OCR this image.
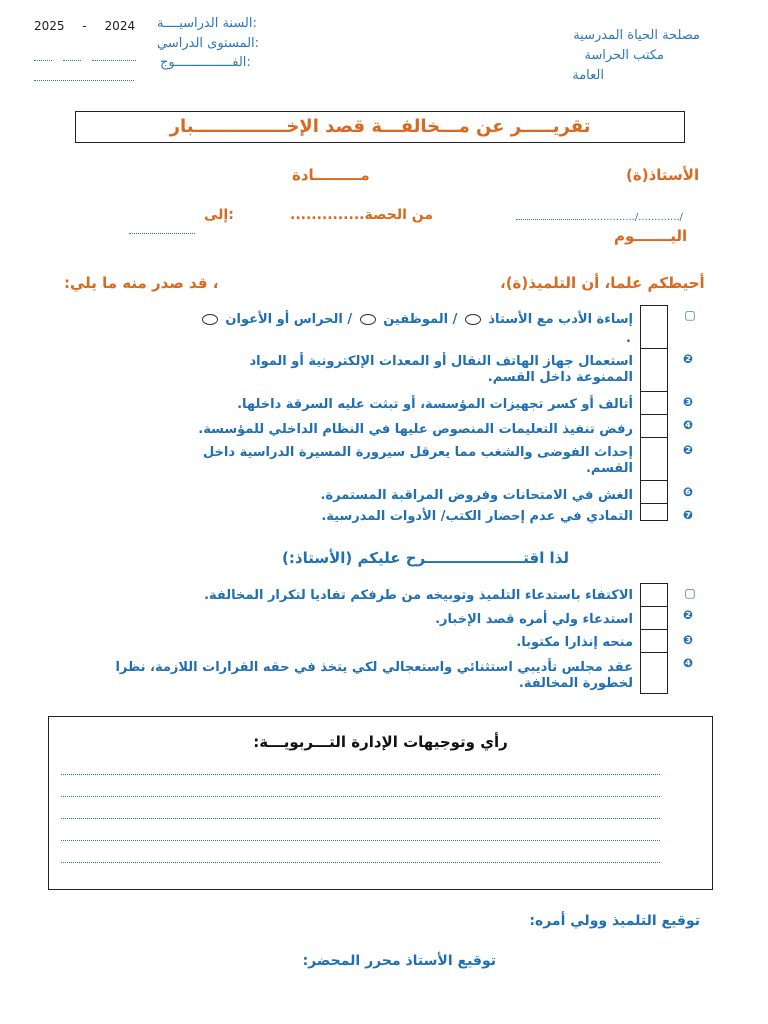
السنة الدراسيــــة:
2025 - 2024
المستوى الدراسي:

الفـــــــــــــــوج:
مصلحة الحياة المدرسية
مكتب الحراسة
العامة
تقريـــــر عن مـــخالفـــة قصد الإخـــــــــــــــبار
الأستاذ(ة)
مـــــــــادة
................/............./
اليـــــــوم
من الحصة..............
إلى:
أحيطكم علما، أن التلميذ(ة)،
، قد صدر منه ما يلي:
▢
إساءة الأدب مع الأستاذ  / الموظفين  / الحراس أو الأعوان
.
❷
استعمال جهاز الهاتف النقال أو المعدات الإلكترونية أو المواد الممنوعة داخل القسم.
❸
أتالف أو كسر تجهيزات المؤسسة، أو تبثت عليه السرقة داخلها.
❹
رفض تنفيذ التعليمات المنصوص عليها في النظام الداخلي للمؤسسة.
❷
إحداث الفوضى والشغب مما يعرقل سيرورة المسيرة الدراسية داخل القسم.
❻
الغش في الامتحانات وفروض المراقبة المستمرة.
❼
التمادي في عدم إحضار الكتب/ الأدوات المدرسية.
لذا اقتـــــــــــــــــــرح عليكم (الأستاذ:)
▢
الاكتفاء باستدعاء التلميذ وتوبيخه من طرفكم تفاديا لتكرار المخالفة.
❷
استدعاء ولي أمره قصد الإخبار.
❸
منحه إنذارا مكتوبا.
❹
عقد مجلس تأديبي استثنائي واستعجالي لكي يتخذ في حقه القرارات اللازمة، نظرا لخطورة المخالفة.
رأي وتوجيهات الإدارة التـــربويـــة:
توقيع التلميذ وولي أمره:
توقيع الأستاذ محرر المحضر:
